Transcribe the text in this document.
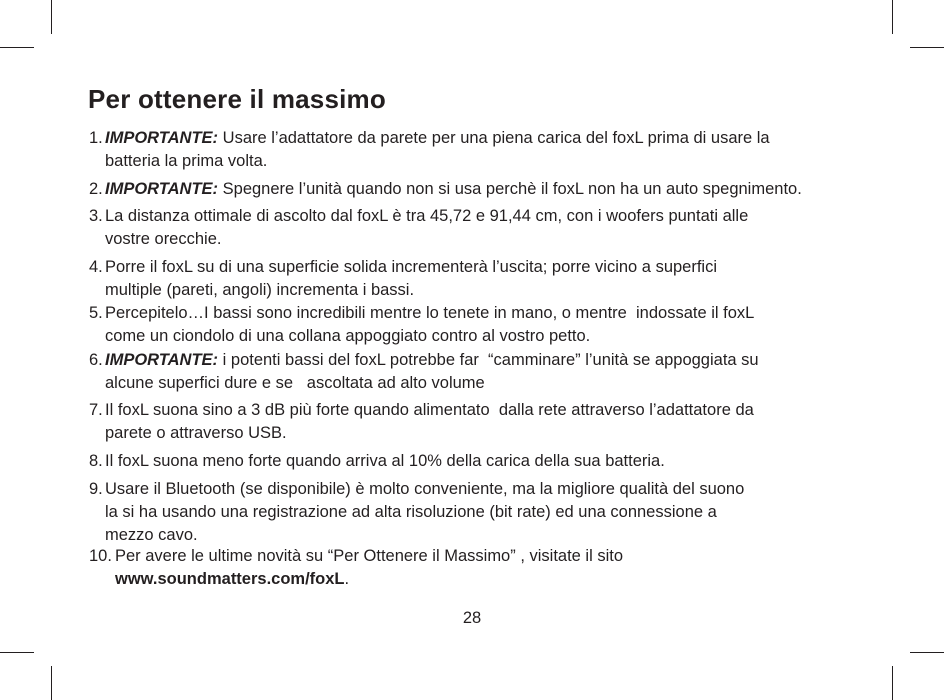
Per ottenere il massimo
1. IMPORTANTE: Usare l’adattatore da parete per una piena carica del foxL prima di usare la
batteria la prima volta.
2. IMPORTANTE: Spegnere l’unità quando non si usa perchè il foxL non ha un auto spegnimento.
3. La distanza ottimale di ascolto dal foxL è tra 45,72 e 91,44 cm, con i woofers puntati alle
vostre orecchie.
4. Porre il foxL su di una superficie solida incrementerà l’uscita; porre vicino a superfici
multiple (pareti, angoli) incrementa i bassi.
5. Percepitelo…I bassi sono incredibili mentre lo tenete in mano, o mentre  indossate il foxL
come un ciondolo di una collana appoggiato contro al vostro petto.
6. IMPORTANTE: i potenti bassi del foxL potrebbe far  “camminare” l’unità se appoggiata su
alcune superfici dure e se   ascoltata ad alto volume
7. Il foxL suona sino a 3 dB più forte quando alimentato  dalla rete attraverso l’adattatore da
parete o attraverso USB.
8. Il foxL suona meno forte quando arriva al 10% della carica della sua batteria.
9. Usare il Bluetooth (se disponibile) è molto conveniente, ma la migliore qualità del suono
la si ha usando una registrazione ad alta risoluzione (bit rate) ed una connessione a
mezzo cavo.
10. Per avere le ultime novità su “Per Ottenere il Massimo” , visitate il sito
www.soundmatters.com/foxL.
28
